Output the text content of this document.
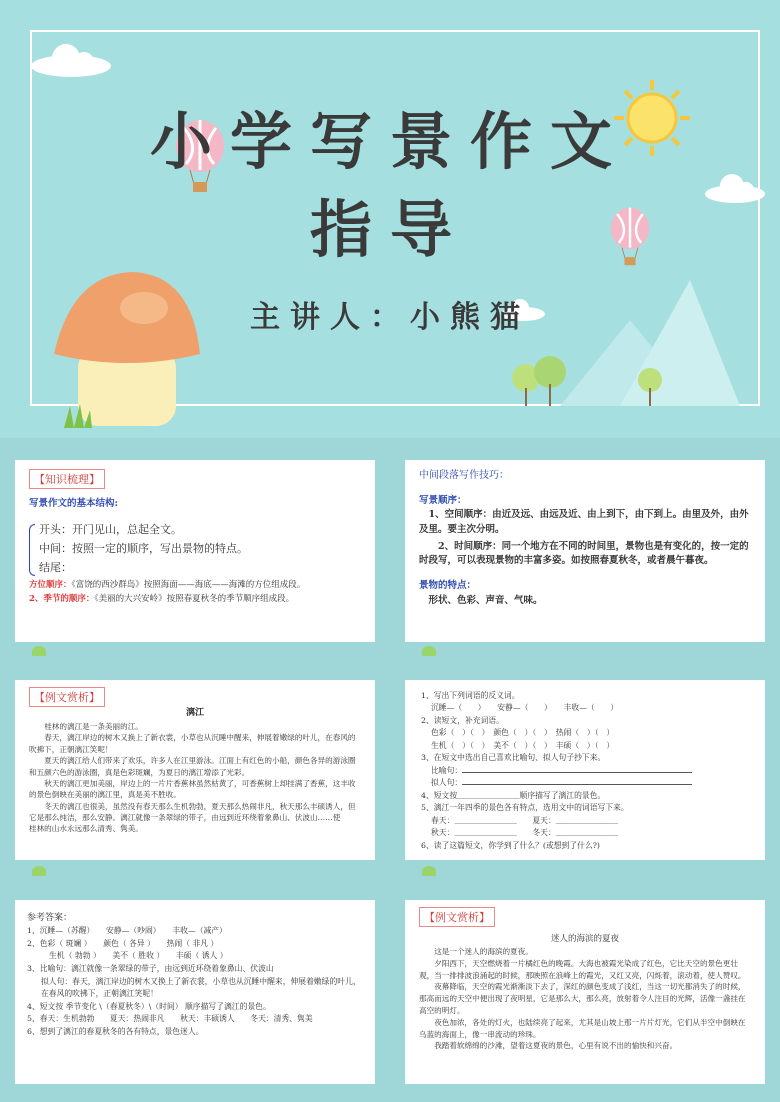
小学写景作文
指导
主讲人：小熊猫
【知识梳理】
写景作文的基本结构:
开头：开门见山，总起全文。
中间：按照一定的顺序，写出景物的特点。
结尾：
方位顺序：《富饶的西沙群岛》按照海面——海底——海滩的方位组成段。
2、季节的顺序：《美丽的大兴安岭》按照春夏秋冬的季节顺序组成段。
中间段落写作技巧：
写景顺序：
1、空间顺序：由近及远、由远及近、由上到下，由下到上。由里及外，由外及里。要主次分明。
2、时间顺序：同一个地方在不同的时间里，景物也是有变化的，按一定的时段写，可以表现景物的丰富多姿。如按照春夏秋冬，或者晨午暮夜。
景物的特点：
形状、色彩、声音、气味。
【例文赏析】
漓江

桂林的漓江是一条美丽的江。

春天，漓江岸边的树木又换上了新衣裳，小草也从沉睡中醒来，伸展着嫩绿的叶儿，在春风的吹拂下，正朝漓江笑呢！

夏天的漓江给人们带来了欢乐，许多人在江里游泳。江面上有红色的小船，颜色各异的游泳圈和五颜六色的游泳圈，真是色彩斑斓，为夏日的漓江增添了光彩。

秋天的漓江更加美丽，岸边上的一片片香蕉林虽然枯黄了，可香蕉树上却挂满了香蕉，这丰收的景色倒映在美丽的漓江里，真是美不胜收。

冬天的漓江也很美，虽然没有春天那么生机勃勃，夏天那么热闹非凡，秋天那么丰硕诱人，但它是那么纯洁，那么安静。漓江就像一条翠绿的带子，由远到近环绕着象鼻山、伏波山……使　　桂林的山水永远那么清秀、隽美。

1、写出下列词语的反义词。
沉睡—（　　）　　安静—（　　）　　丰收—（　　）
2、读短文，补充词语。
色彩（　）（　）　颜色（　）（　）　热闹（　）（　）
生机（　）（　）　美不（　）（　）　丰硕（　）（　）
3、在短文中选出自己喜欢比喻句、拟人句子抄下来。
比喻句：
拟人句：
4、短文按＿＿＿＿＿＿＿＿顺序描写了漓江的景色。
5、漓江一年四季的景色各有特点，选用文中的词语写下来。
春天：＿＿＿＿＿＿＿＿　　夏天：＿＿＿＿＿＿＿＿
秋天：＿＿＿＿＿＿＿＿　　冬天：＿＿＿＿＿＿＿＿
6、读了这篇短文，你学到了什么？(或想到了什么?)
参考答案：
1、沉睡—（苏醒）　　安静—（吵闹）　　丰收—（减产）
2、色彩（ 斑斓 ）　　颜色（ 各异 ）　　热闹（ 非凡 ）
生机（ 勃勃 ）　　美不（ 胜收 ）　　丰硕（ 诱人 ）
3、比喻句：漓江就像一条翠绿的带子，由远到近环绕着象鼻山、伏波山
拟人句：春天，漓江岸边的树木又换上了新衣裳，小草也从沉睡中醒来，伸展着嫩绿的叶儿，在春风的吹拂下，正朝漓江笑呢！
4、短文按 季节变化 \（春夏秋冬）\（时间） 顺序描写了漓江的景色。
5、春天：生机勃勃　　夏天：热闹非凡　　秋天：丰硕诱人　　冬天：清秀、隽美
6、想到了漓江的春夏秋冬的各有特点，景色迷人。
【例文赏析】
迷人的海滨的夏夜

这是一个迷人的海滨的夏夜。

夕阳西下，天空燃烧着一片橘红色的晚霞。大海也被霞光染成了红色，它比天空的景色更壮观，当一排排波浪涌起的时候，那映照在浪峰上的霞光，又红又亮，闪烁着，滚动着，使人赞叹。

夜幕降临，天空的霞光渐渐淡下去了，深红的颜色变成了浅红，当这一切光都消失了的时候，那高而远的天空中便出现了夜明星，它是那么大，那么亮，放射着令人注目的光辉，活像一盏挂在高空的明灯。

夜色加浓，各处的灯火，也陆续亮了起来，尤其是山坡上那一片片灯光，它们从半空中倒映在乌蓝的海面上，像一串流动的珍珠。

我踏着软绵绵的沙滩，望着这夏夜的景色，心里有说不出的愉快和兴奋。
